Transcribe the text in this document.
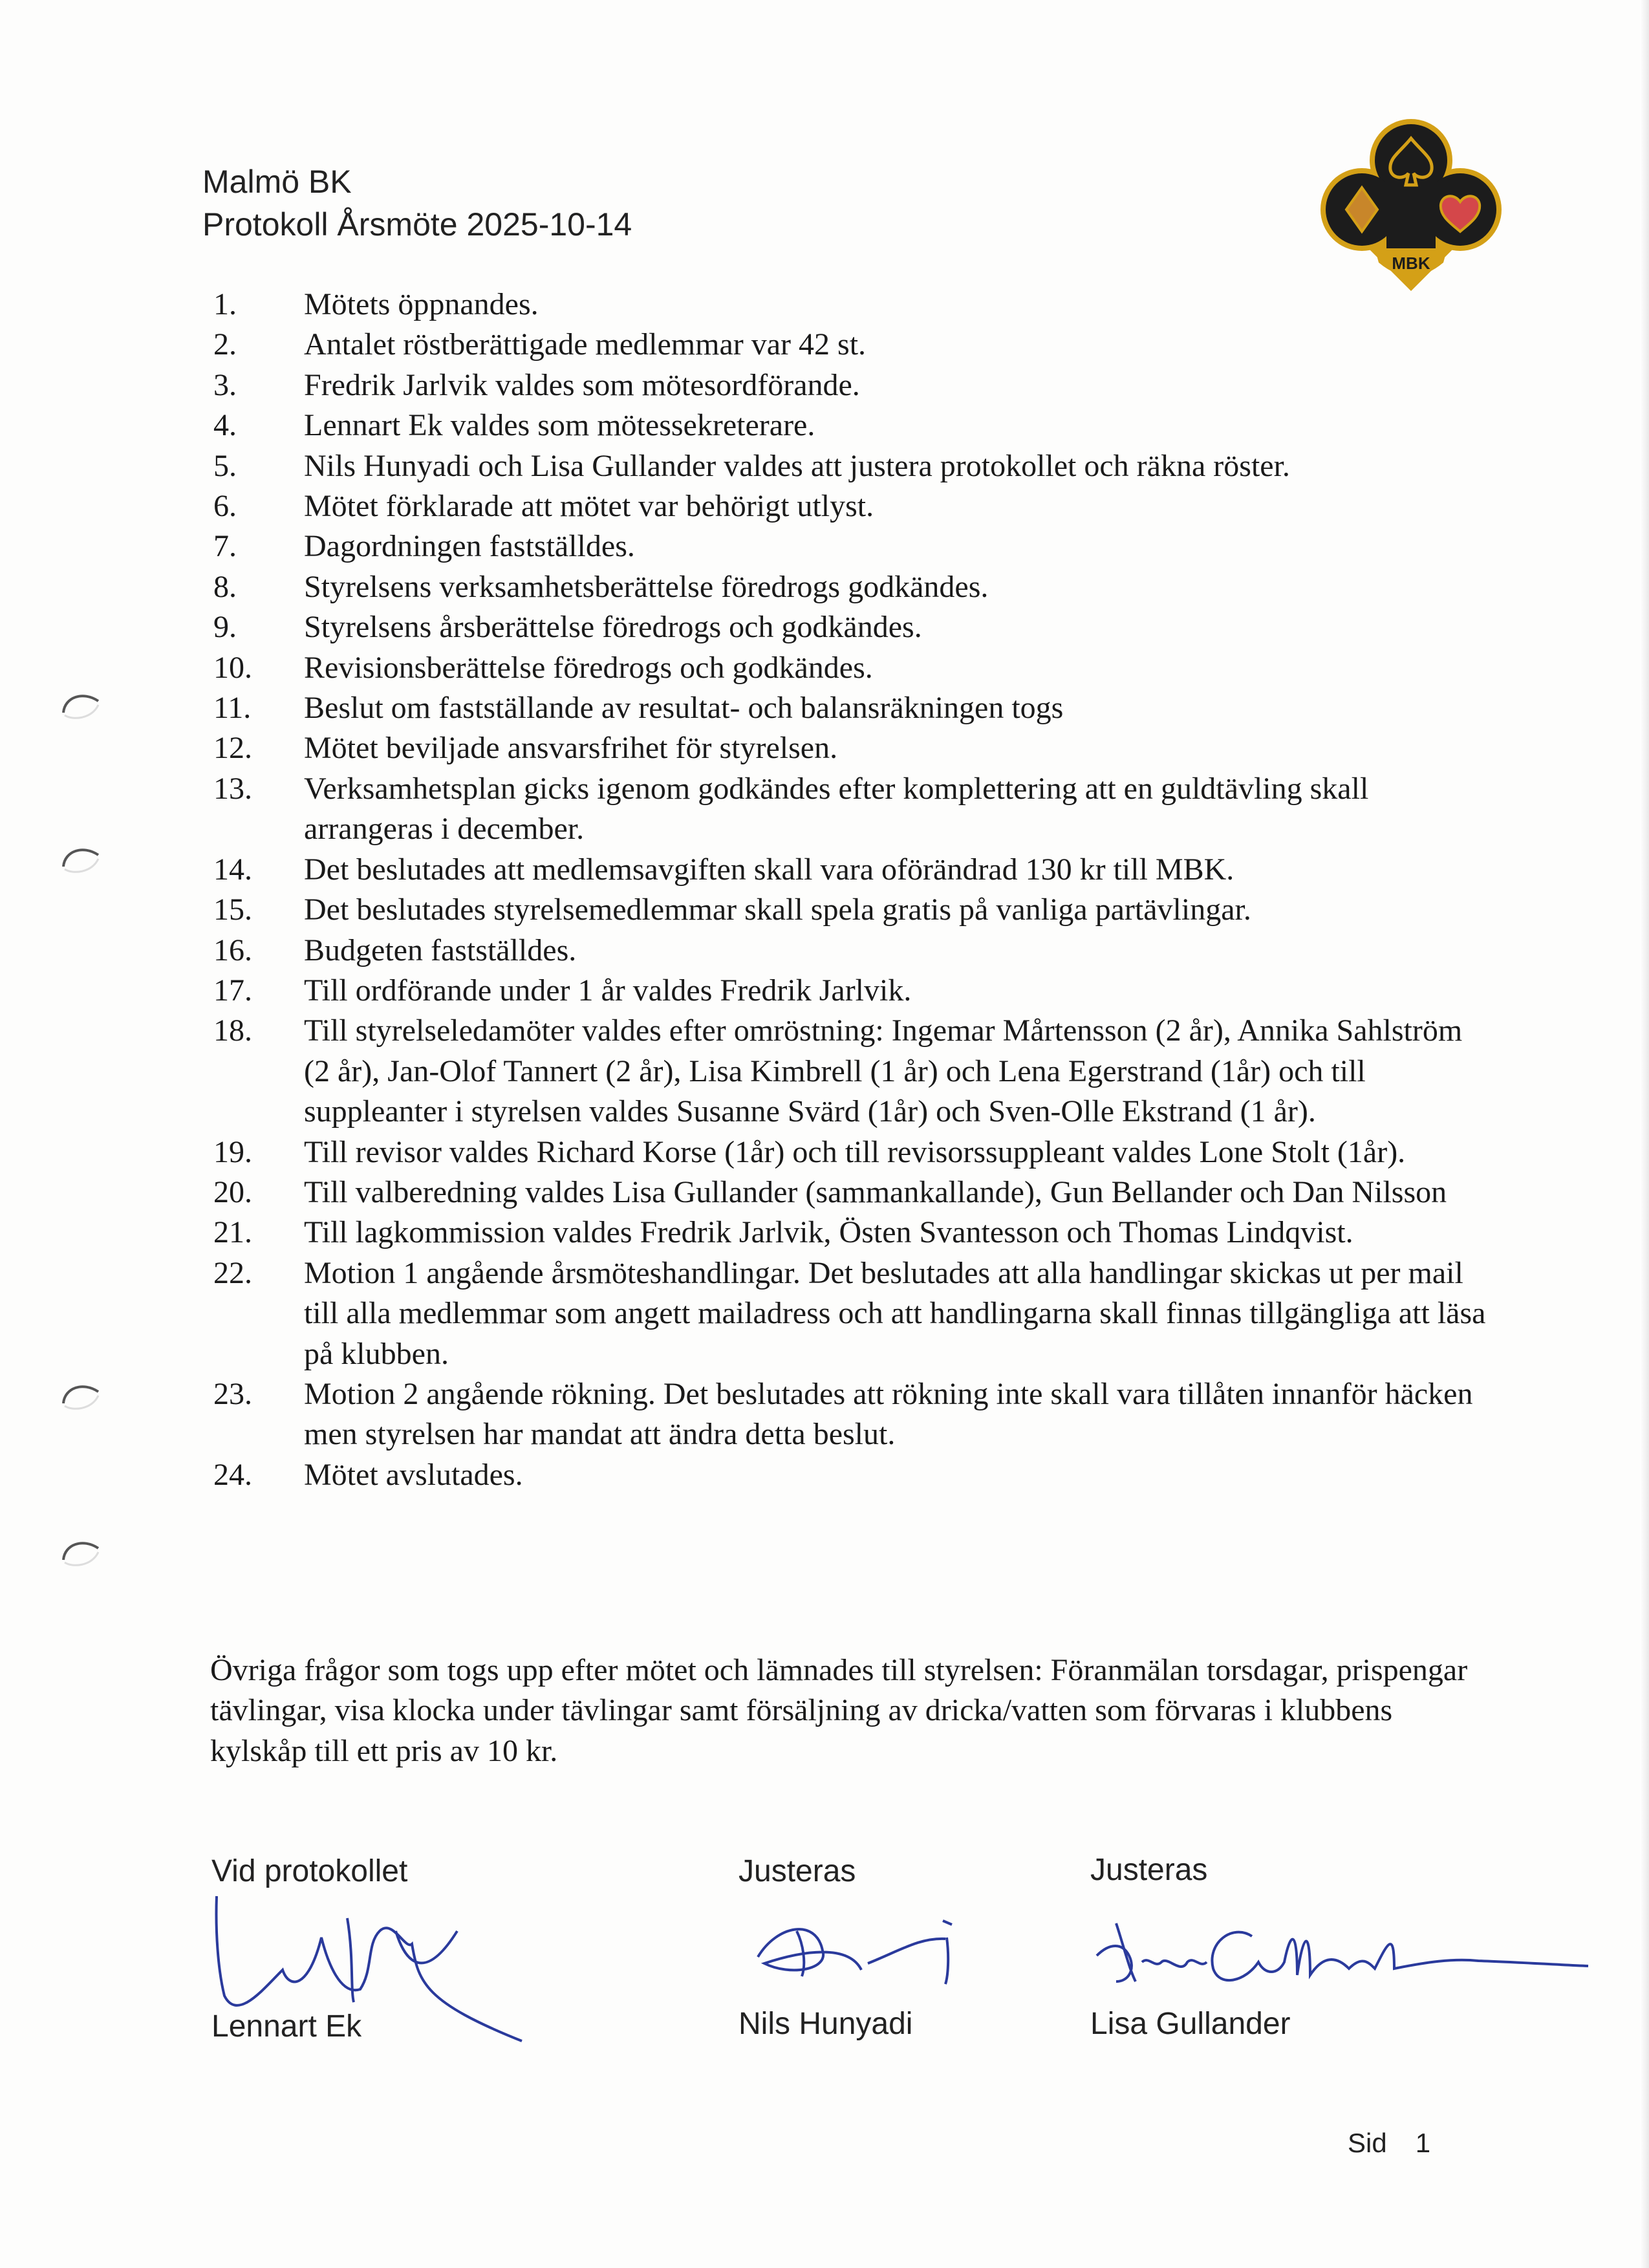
Malmö BK
Protokoll Årsmöte 2025-10-14
MBK
1.	Mötets öppnandes.
2.	Antalet röstberättigade medlemmar var 42 st.
3.	Fredrik Jarlvik valdes som mötesordförande.
4.	Lennart Ek valdes som mötessekreterare.
5.	Nils Hunyadi och Lisa Gullander valdes att justera protokollet och räkna röster.
6.	Mötet förklarade att mötet var behörigt utlyst.
7.	Dagordningen fastställdes.
8.	Styrelsens verksamhetsberättelse föredrogs godkändes.
9.	Styrelsens årsberättelse föredrogs och godkändes.
10.	Revisionsberättelse föredrogs och godkändes.
11.	Beslut om fastställande av resultat- och balansräkningen togs
12.	Mötet beviljade ansvarsfrihet för styrelsen.
13.	Verksamhetsplan gicks igenom godkändes efter komplettering att en guldtävling skall arrangeras i december.
14.	Det beslutades att medlemsavgiften skall vara oförändrad 130 kr till MBK.
15.	Det beslutades styrelsemedlemmar skall spela gratis på vanliga partävlingar.
16.	Budgeten fastställdes.
17.	Till ordförande under 1 år valdes Fredrik Jarlvik.
18.	Till styrelseledamöter valdes efter omröstning: Ingemar Mårtensson (2 år), Annika Sahlström (2 år), Jan-Olof Tannert (2 år), Lisa Kimbrell (1 år) och Lena Egerstrand (1år) och till suppleanter i styrelsen valdes Susanne Svärd (1år) och Sven-Olle Ekstrand (1 år).
19.	Till revisor valdes Richard Korse (1år) och till revisorssuppleant valdes Lone Stolt (1år).
20.	Till valberedning valdes Lisa Gullander (sammankallande), Gun Bellander och Dan Nilsson
21.	Till lagkommission valdes Fredrik Jarlvik, Östen Svantesson och Thomas Lindqvist.
22.	Motion 1 angående årsmöteshandlingar. Det beslutades att alla handlingar skickas ut per mail till alla medlemmar som angett mailadress och att handlingarna skall finnas tillgängliga att läsa på klubben.
23.	Motion 2 angående rökning. Det beslutades att rökning inte skall vara tillåten innanför häcken men styrelsen har mandat att ändra detta beslut.
24.	Mötet avslutades.
Övriga frågor som togs upp efter mötet och lämnades till styrelsen: Föranmälan torsdagar, prispengar tävlingar, visa klocka under tävlingar samt försäljning av dricka/vatten som förvaras i klubbens kylskåp till ett pris av 10 kr.
Vid protokollet
Lennart Ek
Justeras
Nils Hunyadi
Justeras
Lisa Gullander
Sid 1
